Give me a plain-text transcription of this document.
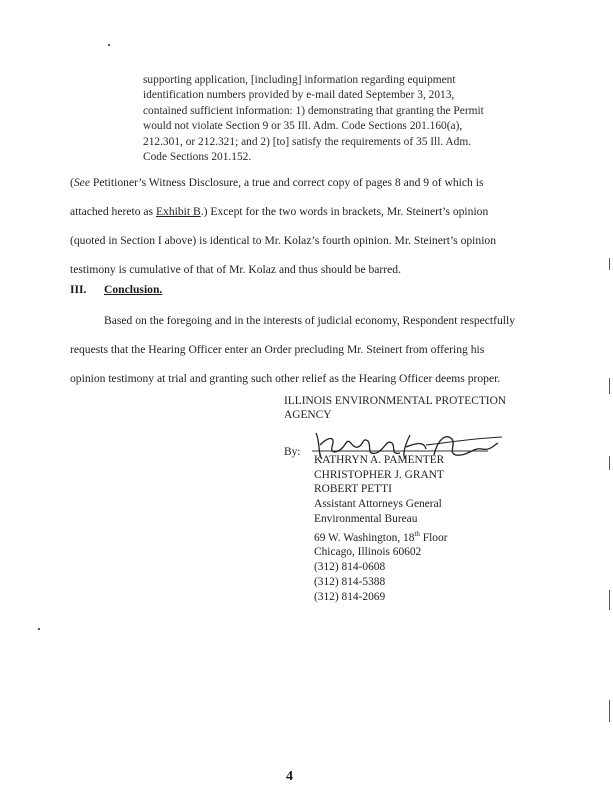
supporting application, [including] information regarding equipment
identification numbers provided by e-mail dated September 3, 2013,
contained sufficient information: 1) demonstrating that granting the Permit
would not violate Section 9 or 35 Ill. Adm. Code Sections 201.160(a),
212.301, or 212.321; and 2) [to] satisfy the requirements of 35 Ill. Adm.
Code Sections 201.152.
(See Petitioner’s Witness Disclosure, a true and correct copy of pages 8 and 9 of which is
attached hereto as Exhibit B.) Except for the two words in brackets, Mr. Steinert’s opinion
(quoted in Section I above) is identical to Mr. Kolaz’s fourth opinion. Mr. Steinert’s opinion
testimony is cumulative of that of Mr. Kolaz and thus should be barred.
III. Conclusion.
Based on the foregoing and in the interests of judicial economy, Respondent respectfully
requests that the Hearing Officer enter an Order precluding Mr. Steinert from offering his
opinion testimony at trial and granting such other relief as the Hearing Officer deems proper.
ILLINOIS ENVIRONMENTAL PROTECTION
AGENCY
By:
KATHRYN A. PAMENTER
CHRISTOPHER J. GRANT
ROBERT PETTI
Assistant Attorneys General
Environmental Bureau
69 W. Washington, 18th Floor
Chicago, Illinois 60602
(312) 814-0608
(312) 814-5388
(312) 814-2069
4
